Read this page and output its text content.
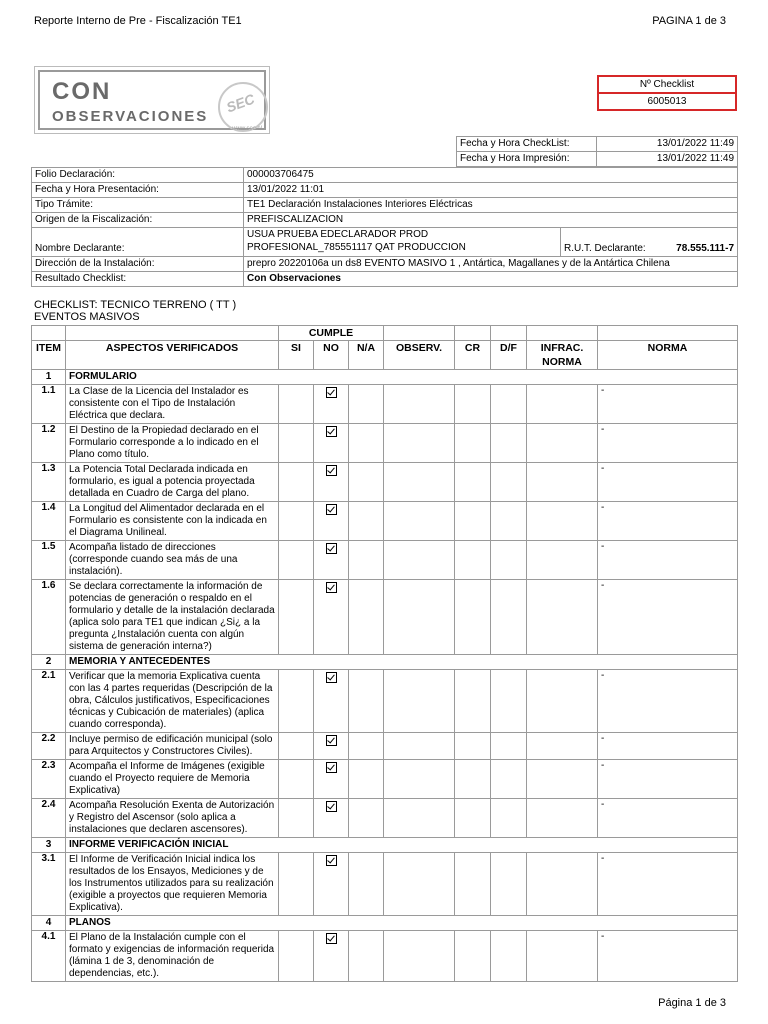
Reporte Interno de Pre - Fiscalización TE1	PAGINA 1 de 3
CON
OBSERVACIONES
SEC
www.sec.cl
Nº Checklist
6005013
Fecha y Hora CheckList:	13/01/2022 11:49
Fecha y Hora Impresión:	13/01/2022 11:49
Folio Declaración:	000003706475		
Fecha y Hora Presentación:	13/01/2022 11:01		
Tipo Trámite:	TE1 Declaración Instalaciones Interiores Eléctricas		
Origen de la Fiscalización:	PREFISCALIZACION		
Nombre Declarante:	USUA PRUEBA EDECLARADOR PROD
PROFESIONAL_785551117 QAT PRODUCCION	R.U.T. Declarante:	78.555.111-7
Dirección de la Instalación:	prepro 20220106a un ds8 EVENTO MASIVO 1 , Antártica, Magallanes y de la Antártica Chilena		
Resultado Checklist:	Con Observaciones		
CHECKLIST: TECNICO TERRENO ( TT )
EVENTOS MASIVOS
		CUMPLE							
ITEM	ASPECTOS VERIFICADOS	SI	NO	N/A	OBSERV.	CR	D/F	INFRAC. NORMA	NORMA
1	FORMULARIO								
1.1	La Clase de la Licencia del Instalador es consistente con el Tipo de Instalación Eléctrica que declara.								-
1.2	El Destino de la Propiedad declarado en el Formulario corresponde a lo indicado en el Plano como título.								-
1.3	La Potencia Total Declarada indicada en formulario, es igual a potencia proyectada detallada en Cuadro de Carga del plano.								-
1.4	La Longitud del Alimentador declarada en el Formulario es consistente con la indicada en el Diagrama Unilineal.								-
1.5	Acompaña listado de direcciones (corresponde cuando sea más de una instalación).								-
1.6	Se declara correctamente la información de potencias de generación o respaldo en el formulario y detalle de la instalación declarada (aplica solo para TE1 que indican ¿Si¿ a la pregunta ¿Instalación cuenta con algún sistema de generación interna?)								-
2	MEMORIA Y ANTECEDENTES								
2.1	Verificar que la memoria Explicativa cuenta con las 4 partes requeridas (Descripción de la obra, Cálculos justificativos, Especificaciones técnicas y Cubicación de materiales) (aplica cuando corresponda).								-
2.2	Incluye permiso de edificación municipal (solo para Arquitectos y Constructores Civiles).								-
2.3	Acompaña el Informe de Imágenes (exigible cuando el Proyecto requiere de Memoria Explicativa)								-
2.4	Acompaña Resolución Exenta de Autorización y Registro del Ascensor (solo aplica a instalaciones que declaren ascensores).								-
3	INFORME VERIFICACIÓN INICIAL								
3.1	El Informe de Verificación Inicial indica los resultados de los Ensayos, Mediciones y de los Instrumentos utilizados para su realización (exigible a proyectos que requieren Memoria Explicativa).								-
4	PLANOS								
4.1	El Plano de la Instalación cumple con el formato y exigencias de información requerida (lámina 1 de 3, denominación de dependencias, etc.).								-
Página 1 de 3
